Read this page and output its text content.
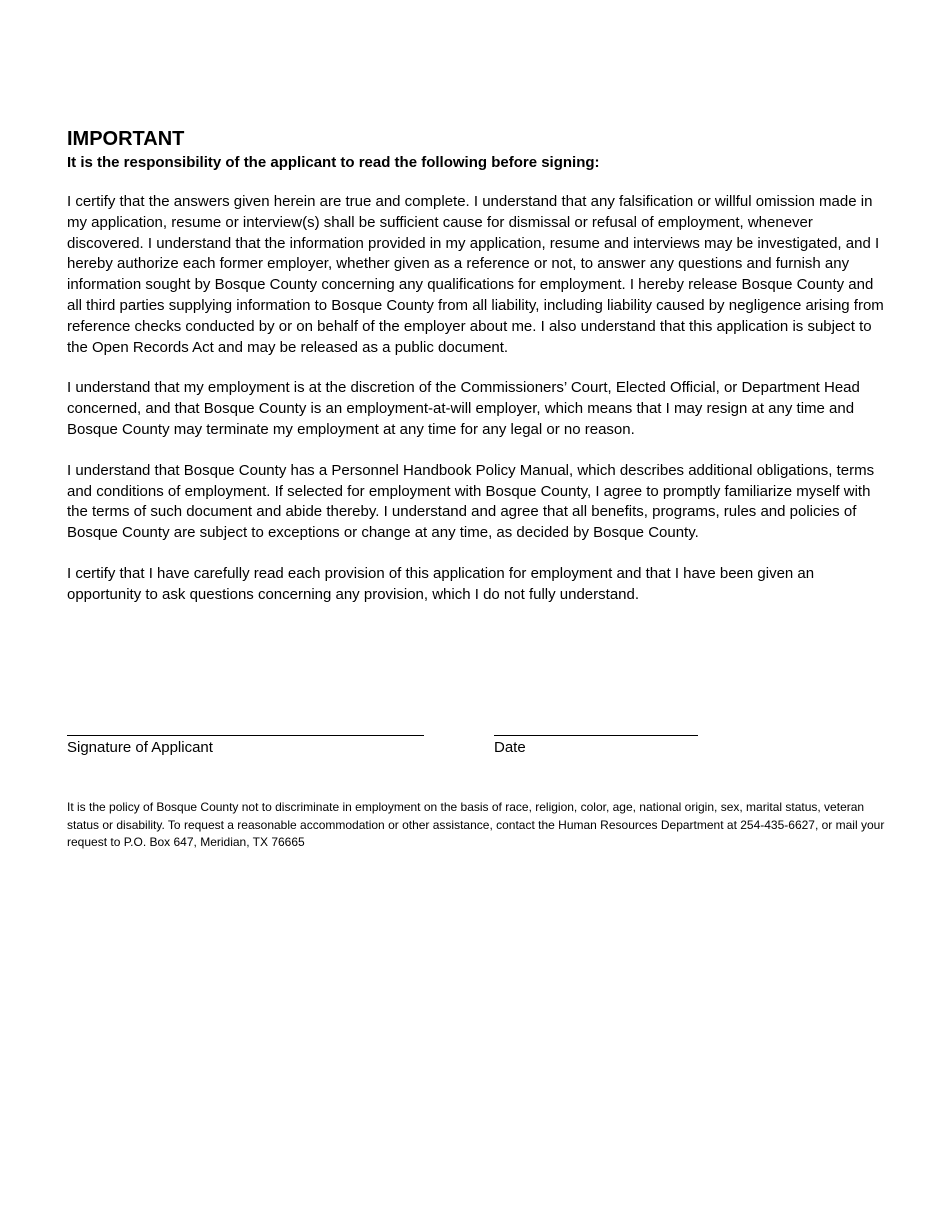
IMPORTANT

It is the responsibility of the applicant to read the following before signing:

I certify that the answers given herein are true and complete. I understand that any falsification or willful omission made in my application, resume or interview(s) shall be sufficient cause for dismissal or refusal of employment, whenever discovered. I understand that the information provided in my application, resume and interviews may be investigated, and I hereby authorize each former employer, whether given as a reference or not, to answer any questions and furnish any information sought by Bosque County concerning any qualifications for employment. I hereby release Bosque County and all third parties supplying information to Bosque County from all liability, including liability caused by negligence arising from reference checks conducted by or on behalf of the employer about me. I also understand that this application is subject to the Open Records Act and may be released as a public document.

I understand that my employment is at the discretion of the Commissioners’ Court, Elected Official, or Department Head concerned, and that Bosque County is an employment-at-will employer, which means that I may resign at any time and Bosque County may terminate my employment at any time for any legal or no reason.

I understand that Bosque County has a Personnel Handbook Policy Manual, which describes additional obligations, terms and conditions of employment. If selected for employment with Bosque County, I agree to promptly familiarize myself with the terms of such document and abide thereby. I understand and agree that all benefits, programs, rules and policies of Bosque County are subject to exceptions or change at any time, as decided by Bosque County.

I certify that I have carefully read each provision of this application for employment and that I have been given an opportunity to ask questions concerning any provision, which I do not fully understand.

Signature of Applicant	Date

It is the policy of Bosque County not to discriminate in employment on the basis of race, religion, color, age, national origin, sex, marital status, veteran status or disability. To request a reasonable accommodation or other assistance, contact the Human Resources Department at 254-435-6627, or mail your request to P.O. Box 647, Meridian, TX 76665
